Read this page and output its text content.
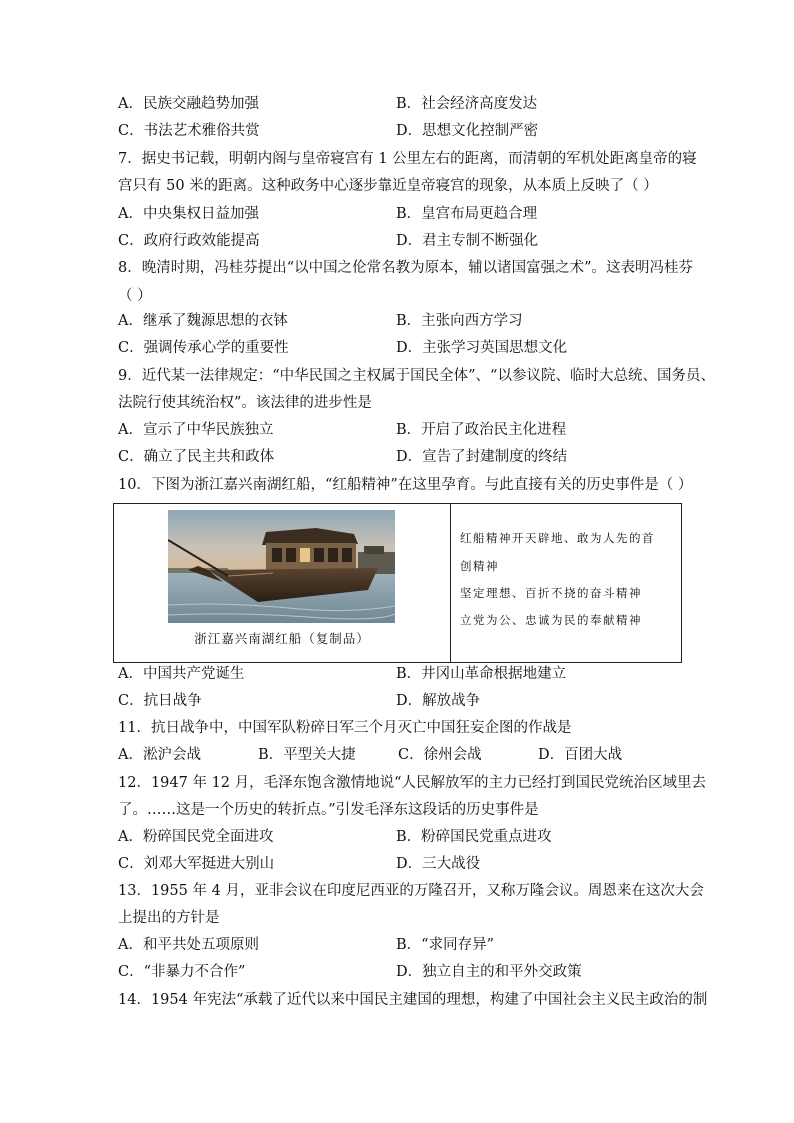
A．民族交融趋势加强	B．社会经济高度发达
C．书法艺术雅俗共赏	D．思想文化控制严密
7．据史书记载，明朝内阁与皇帝寝宫有 1 公里左右的距离，而清朝的军机处距离皇帝的寝
宫只有 50 米的距离。这种政务中心逐步靠近皇帝寝宫的现象，从本质上反映了（ ）
A．中央集权日益加强	B．皇宫布局更趋合理
C．政府行政效能提高	D．君主专制不断强化
8．晚清时期，冯桂芬提出“以中国之伦常名教为原本，辅以诸国富强之术”。这表明冯桂芬
（ ）
A．继承了魏源思想的衣钵	B．主张向西方学习
C．强调传承心学的重要性	D．主张学习英国思想文化
9．近代某一法律规定：“中华民国之主权属于国民全体”、“以参议院、临时大总统、国务员、
法院行使其统治权”。该法律的进步性是
A．宣示了中华民族独立	B．开启了政治民主化进程
C．确立了民主共和政体	D．宣告了封建制度的终结
10．下图为浙江嘉兴南湖红船，“红船精神”在这里孕育。与此直接有关的历史事件是（ ）
浙江嘉兴南湖红船（复制品）
红船精神开天辟地、敢为人先的首
创精神
坚定理想、百折不挠的奋斗精神
立党为公、忠诚为民的奉献精神
A．中国共产党诞生	B．井冈山革命根据地建立
C．抗日战争	D．解放战争
11．抗日战争中，中国军队粉碎日军三个月灭亡中国狂妄企图的作战是
A．淞沪会战	B．平型关大捷	C．徐州会战	D．百团大战
12．1947 年 12 月，毛泽东饱含激情地说“人民解放军的主力已经打到国民党统治区域里去
了。……这是一个历史的转折点。”引发毛泽东这段话的历史事件是
A．粉碎国民党全面进攻	B．粉碎国民党重点进攻
C．刘邓大军挺进大别山	D．三大战役
13．1955 年 4 月，亚非会议在印度尼西亚的万隆召开，又称万隆会议。周恩来在这次大会
上提出的方针是
A．和平共处五项原则	B．“求同存异”
C．“非暴力不合作”	D．独立自主的和平外交政策
14．1954 年宪法“承载了近代以来中国民主建国的理想，构建了中国社会主义民主政治的制
